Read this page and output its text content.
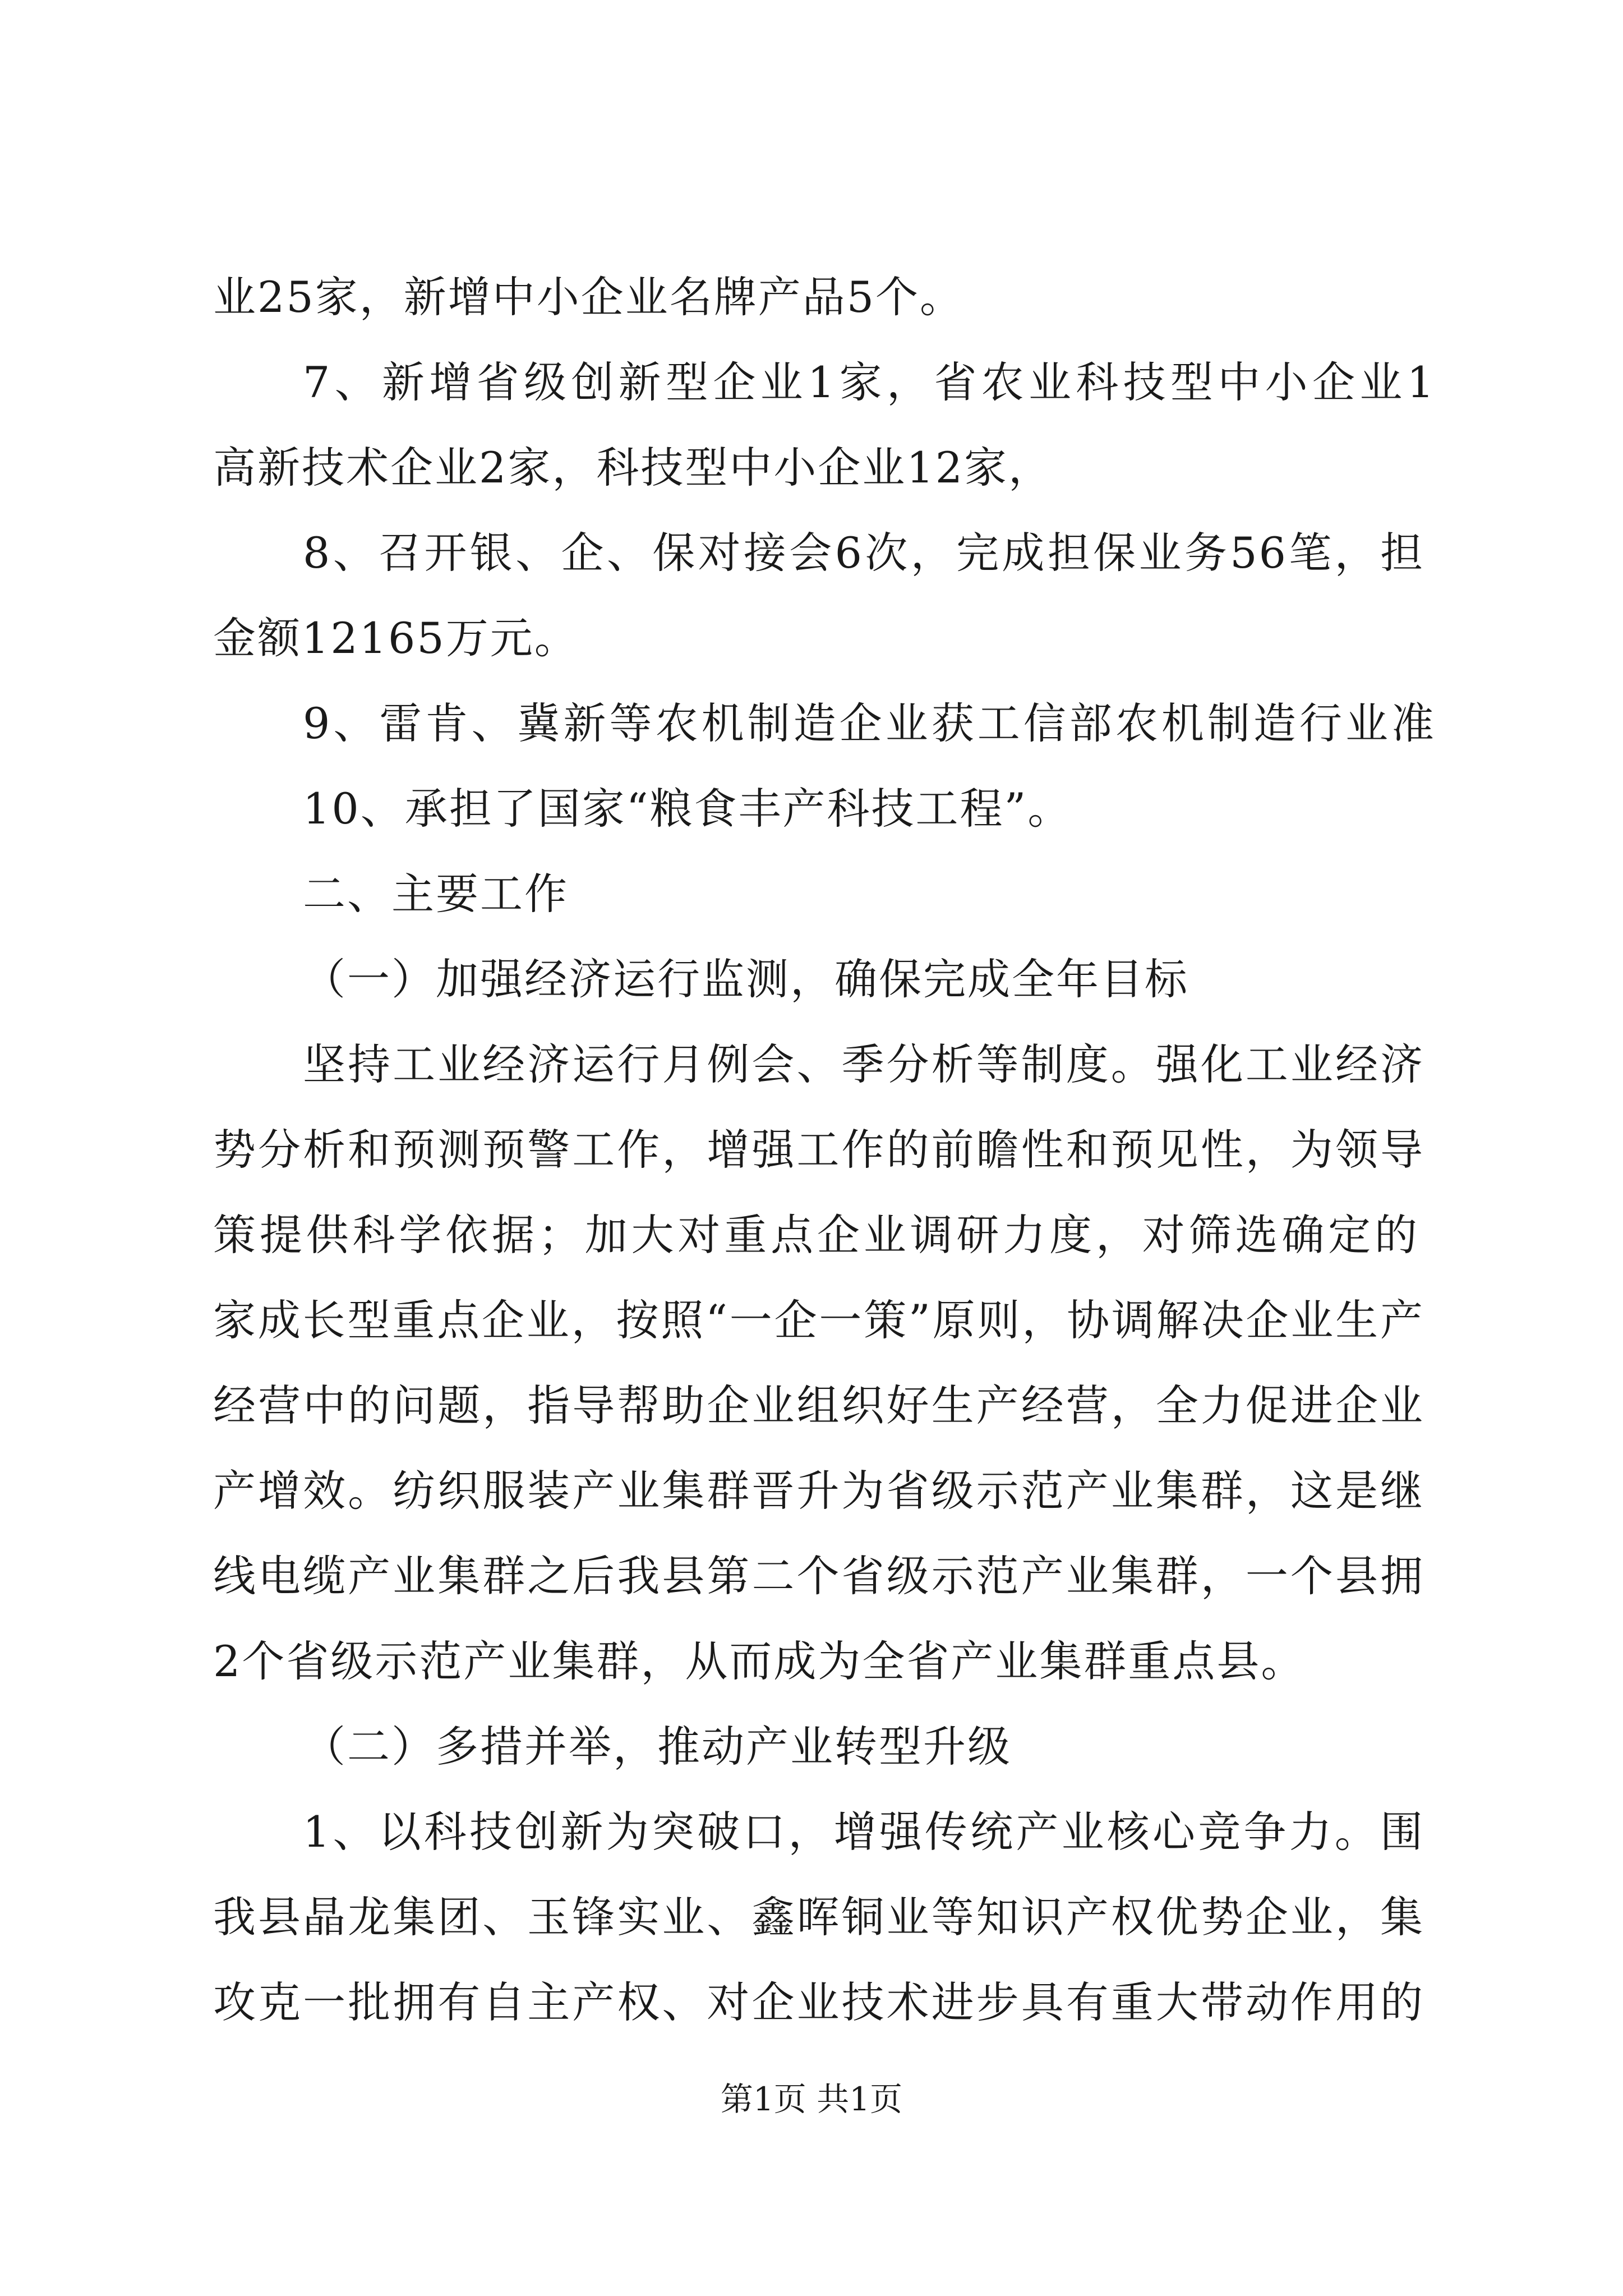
业25家，新增中小企业名牌产品5个。
7、新增省级创新型企业1家，省农业科技型中小企业1
高新技术企业2家，科技型中小企业12家，
8、召开银、企、保对接会6次，完成担保业务56笔，担
金额12165万元。
9、雷肯、冀新等农机制造企业获工信部农机制造行业准
10、承担了国家“粮食丰产科技工程”。
二、主要工作
（一）加强经济运行监测，确保完成全年目标
坚持工业经济运行月例会、季分析等制度。强化工业经济
势分析和预测预警工作，增强工作的前瞻性和预见性，为领导
策提供科学依据；加大对重点企业调研力度，对筛选确定的
家成长型重点企业，按照“一企一策”原则，协调解决企业生产
经营中的问题，指导帮助企业组织好生产经营，全力促进企业
产增效。纺织服装产业集群晋升为省级示范产业集群，这是继
线电缆产业集群之后我县第二个省级示范产业集群，一个县拥
2个省级示范产业集群，从而成为全省产业集群重点县。
（二）多措并举，推动产业转型升级
1、以科技创新为突破口，增强传统产业核心竞争力。围
我县晶龙集团、玉锋实业、鑫晖铜业等知识产权优势企业，集
攻克一批拥有自主产权、对企业技术进步具有重大带动作用的
第1页 共1页
